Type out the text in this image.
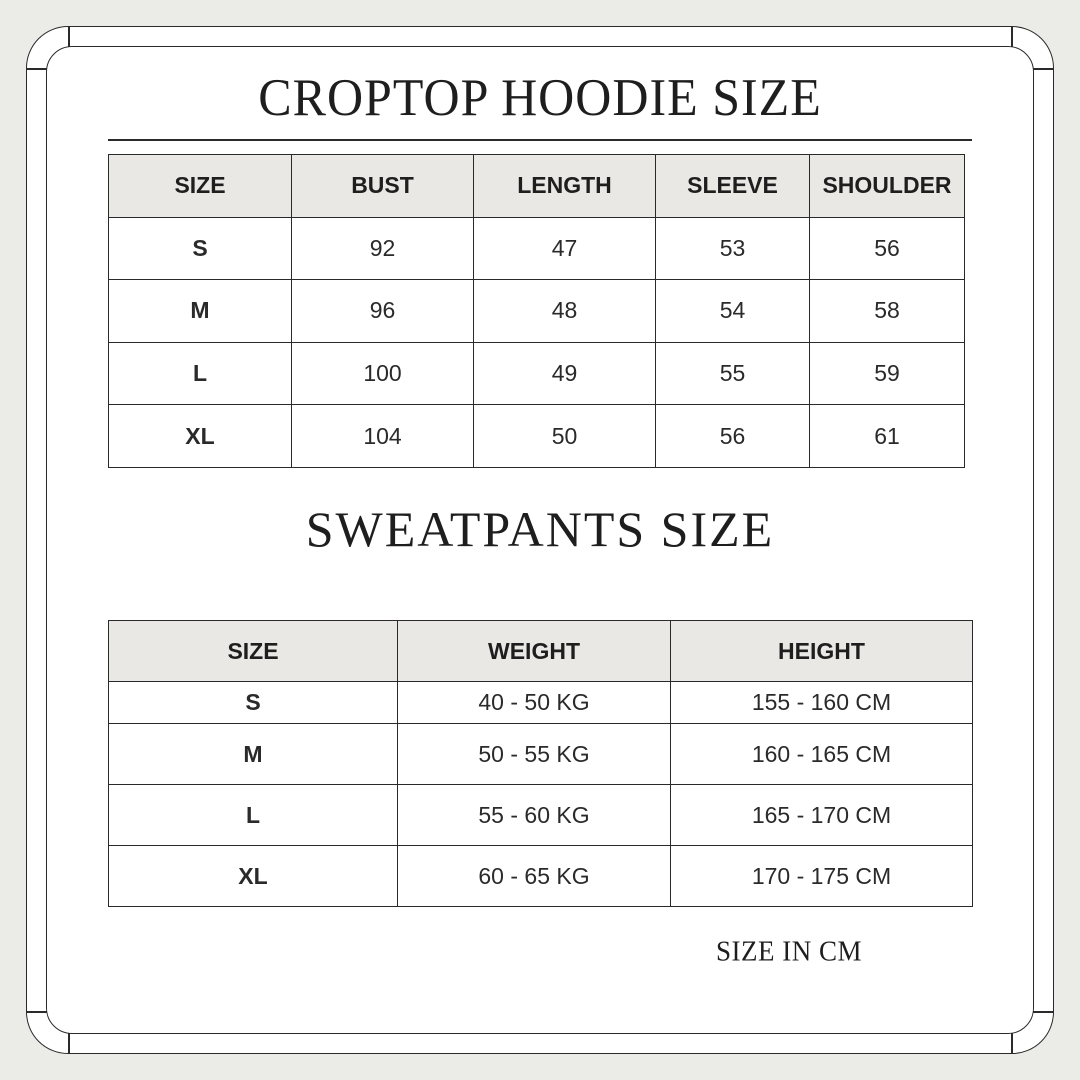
CROPTOP HOODIE SIZE
SIZE	BUST	LENGTH	SLEEVE	SHOULDER
S	92	47	53	56
M	96	48	54	58
L	100	49	55	59
XL	104	50	56	61
SWEATPANTS SIZE
SIZE	WEIGHT	HEIGHT
S	40 - 50 KG	155 - 160 CM
M	50 - 55 KG	160 - 165 CM
L	55 - 60 KG	165 - 170 CM
XL	60 - 65 KG	170 - 175 CM
SIZE IN CM
